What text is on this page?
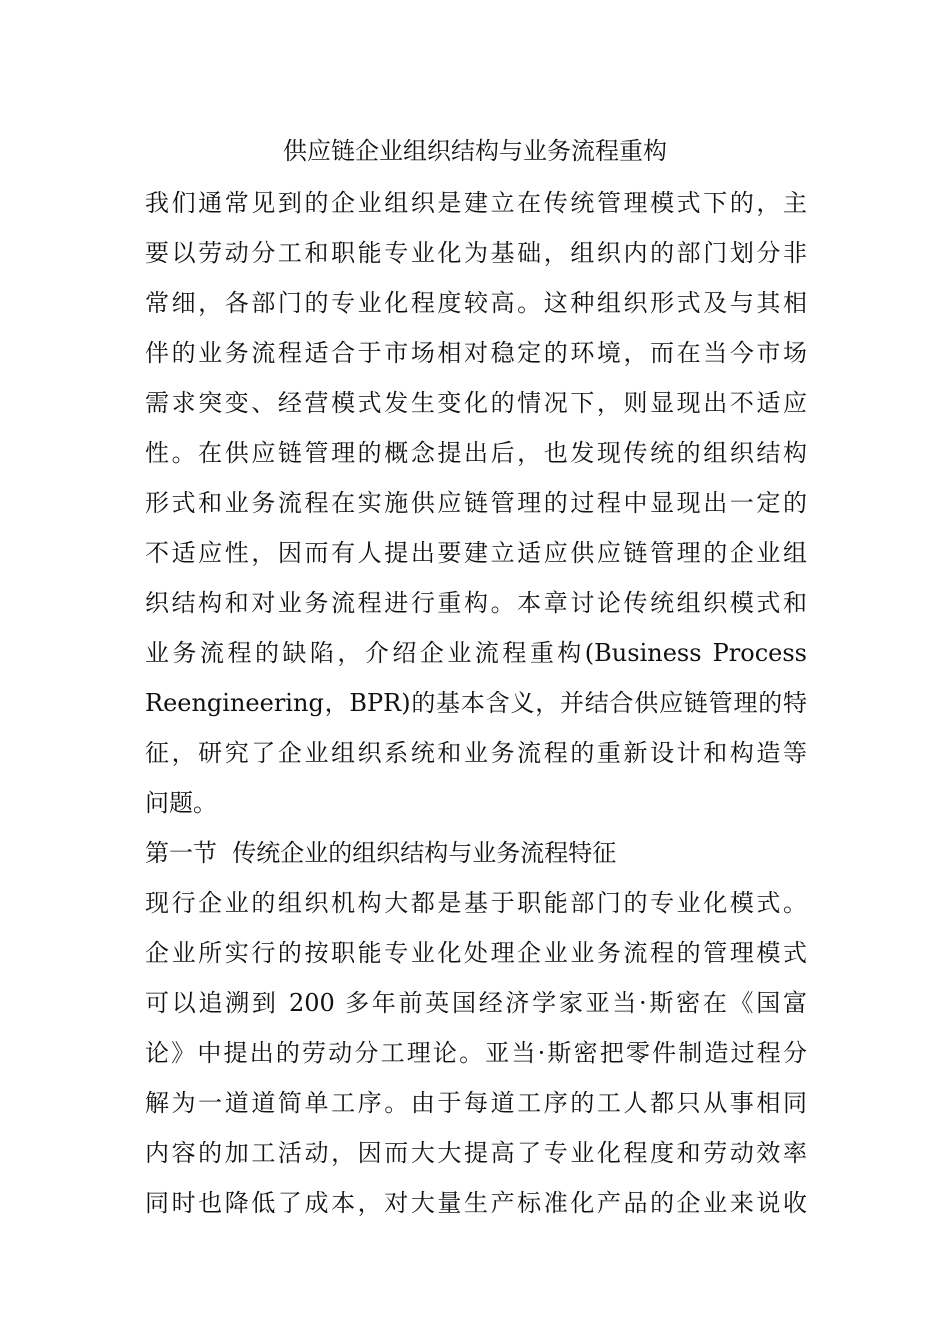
供应链企业组织结构与业务流程重构
我们通常见到的企业组织是建立在传统管理模式下的，主
要以劳动分工和职能专业化为基础，组织内的部门划分非
常细，各部门的专业化程度较高。这种组织形式及与其相
伴的业务流程适合于市场相对稳定的环境，而在当今市场
需求突变、经营模式发生变化的情况下，则显现出不适应
性。在供应链管理的概念提出后，也发现传统的组织结构
形式和业务流程在实施供应链管理的过程中显现出一定的
不适应性，因而有人提出要建立适应供应链管理的企业组
织结构和对业务流程进行重构。本章讨论传统组织模式和
业务流程的缺陷，介绍企业流程重构(Business Process
Reengineering，BPR)的基本含义，并结合供应链管理的特
征，研究了企业组织系统和业务流程的重新设计和构造等
问题。
第一节  传统企业的组织结构与业务流程特征
现行企业的组织机构大都是基于职能部门的专业化模式。
企业所实行的按职能专业化处理企业业务流程的管理模式
可以追溯到 200 多年前英国经济学家亚当·斯密在《国富
论》中提出的劳动分工理论。亚当·斯密把零件制造过程分
解为一道道简单工序。由于每道工序的工人都只从事相同
内容的加工活动，因而大大提高了专业化程度和劳动效率
同时也降低了成本，对大量生产标准化产品的企业来说收
